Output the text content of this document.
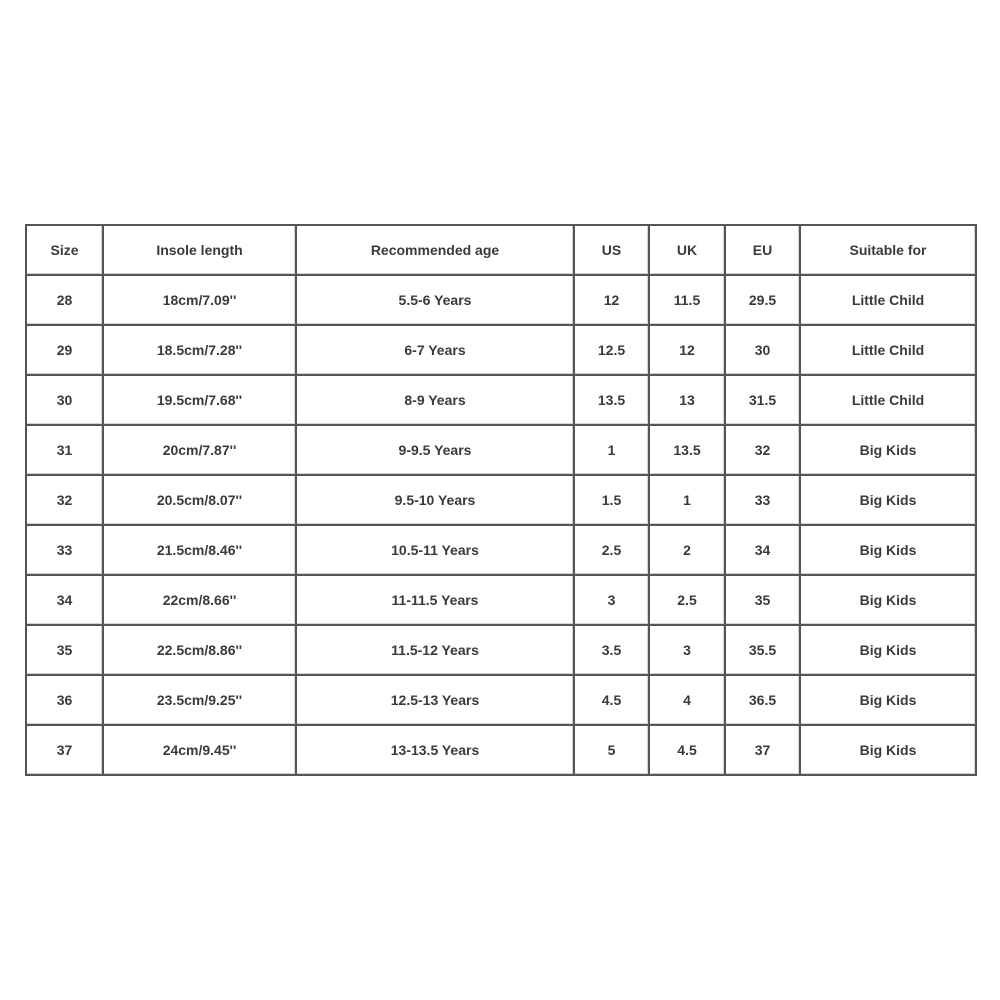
Size	Insole length	Recommended age	US	UK	EU	Suitable for
28	18cm/7.09''	5.5-6 Years	12	11.5	29.5	Little Child
29	18.5cm/7.28''	6-7 Years	12.5	12	30	Little Child
30	19.5cm/7.68''	8-9 Years	13.5	13	31.5	Little Child
31	20cm/7.87''	9-9.5 Years	1	13.5	32	Big Kids
32	20.5cm/8.07''	9.5-10 Years	1.5	1	33	Big Kids
33	21.5cm/8.46''	10.5-11 Years	2.5	2	34	Big Kids
34	22cm/8.66''	11-11.5 Years	3	2.5	35	Big Kids
35	22.5cm/8.86''	11.5-12 Years	3.5	3	35.5	Big Kids
36	23.5cm/9.25''	12.5-13 Years	4.5	4	36.5	Big Kids
37	24cm/9.45''	13-13.5 Years	5	4.5	37	Big Kids
